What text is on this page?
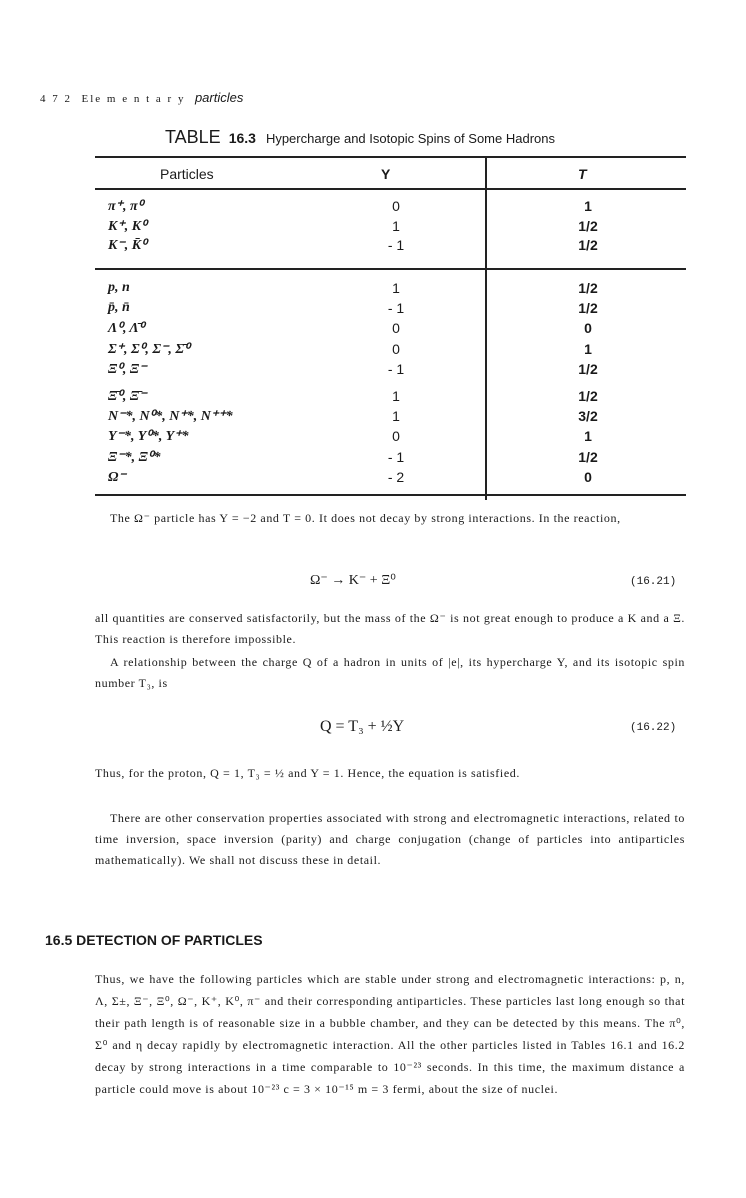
4 7 2 Ele m e n t a r y particles
TABLE 16.3 Hypercharge and Isotopic Spins of Some Hadrons
Particles	Y	T
π⁺, π⁰	0	1
K⁺, K⁰	1	1/2
K⁻, K̄⁰	- 1	1/2
p, n	1	1/2
p̄, n̄	- 1	1/2
Λ⁰, Λ̄⁰	0	0
Σ⁺, Σ⁰, Σ⁻, Σ̄⁰	0	1
Ξ⁰, Ξ⁻	- 1	1/2
Ξ̄⁰, Ξ̄⁻	1	1/2
N⁻*, N⁰*, N⁺*, N⁺⁺*	1	3/2
Y⁻*, Y⁰*, Y⁺*	0	1
Ξ⁻*, Ξ⁰*	- 1	1/2
Ω⁻	- 2	0

The Ω⁻ particle has Y = −2 and T = 0. It does not decay by strong interactions. In the reaction,

Ω⁻ → K⁻ + Ξ⁰	(16.21)

all quantities are conserved satisfactorily, but the mass of the Ω⁻ is not great enough to produce a K and a Ξ. This reaction is therefore impossible.

A relationship between the charge Q of a hadron in units of |e|, its hypercharge Y, and its isotopic spin number T₃, is

Q = T₃ + ½Y	(16.22)

Thus, for the proton, Q = 1, T₃ = ½ and Y = 1. Hence, the equation is satisfied.

There are other conservation properties associated with strong and electromagnetic interactions, related to time inversion, space inversion (parity) and charge conjugation (change of particles into antiparticles mathematically). We shall not discuss these in detail.

16.5 DETECTION OF PARTICLES

Thus, we have the following particles which are stable under strong and electromagnetic interactions: p, n, Λ, Σ±, Ξ⁻, Ξ⁰, Ω⁻, K⁺, K⁰, π⁻ and their corresponding antiparticles. These particles last long enough so that their path length is of reasonable size in a bubble chamber, and they can be detected by this means. The π⁰, Σ⁰ and η decay rapidly by electromagnetic interaction. All the other particles listed in Tables 16.1 and 16.2 decay by strong interactions in a time comparable to 10⁻²³ seconds. In this time, the maximum distance a particle could move is about 10⁻²³ c = 3 × 10⁻¹⁵ m = 3 fermi, about the size of nuclei.
